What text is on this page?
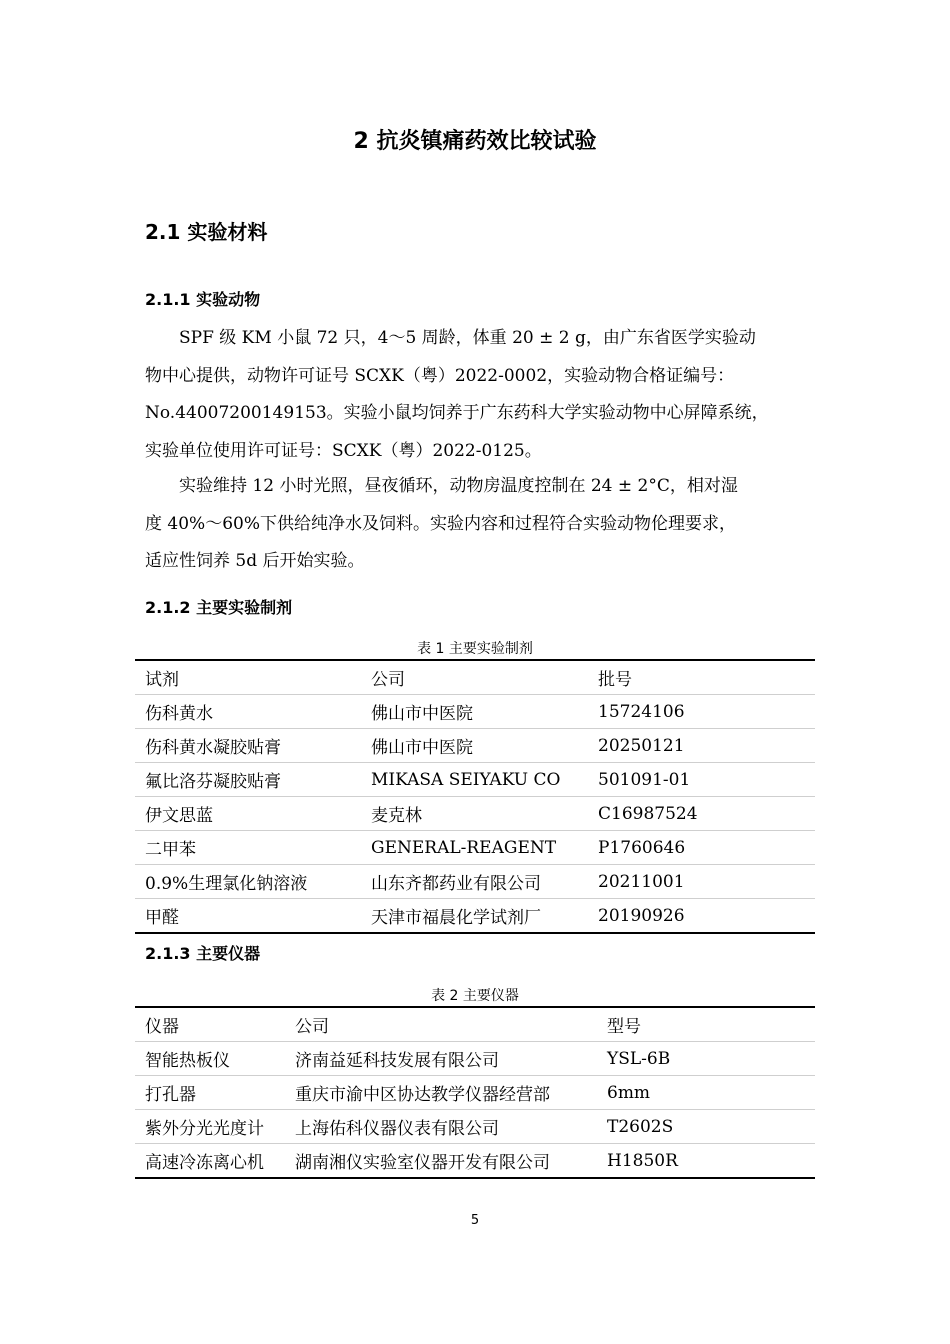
2 抗炎镇痛药效比较试验
2.1 实验材料
2.1.1 实验动物

　　SPF 级 KM 小鼠 72 只，4～5 周龄，体重 20 ± 2 g，由广东省医学实验动
物中心提供，动物许可证号 SCXK（粤）2022-0002，实验动物合格证编号：
No.44007200149153。实验小鼠均饲养于广东药科大学实验动物中心屏障系统，
实验单位使用许可证号：SCXK（粤）2022-0125。

　　实验维持 12 小时光照，昼夜循环，动物房温度控制在 24 ± 2°C，相对湿
度 40%～60%下供给纯净水及饲料。实验内容和过程符合实验动物伦理要求，
适应性饲养 5d 后开始实验。

2.1.2 主要实验制剂
表 1 主要实验制剂
试剂	公司	批号
伤科黄水	佛山市中医院	15724106
伤科黄水凝胶贴膏	佛山市中医院	20250121
氟比洛芬凝胶贴膏	MIKASA SEIYAKU CO	501091-01
伊文思蓝	麦克林	C16987524
二甲苯	GENERAL-REAGENT	P1760646
0.9%生理氯化钠溶液	山东齐都药业有限公司	20211001
甲醛	天津市福晨化学试剂厂	20190926
2.1.3 主要仪器
表 2 主要仪器
仪器	公司	型号
智能热板仪	济南益延科技发展有限公司	YSL-6B
打孔器	重庆市渝中区协达教学仪器经营部	6mm
紫外分光光度计	上海佑科仪器仪表有限公司	T2602S
高速冷冻离心机	湖南湘仪实验室仪器开发有限公司	H1850R
5
